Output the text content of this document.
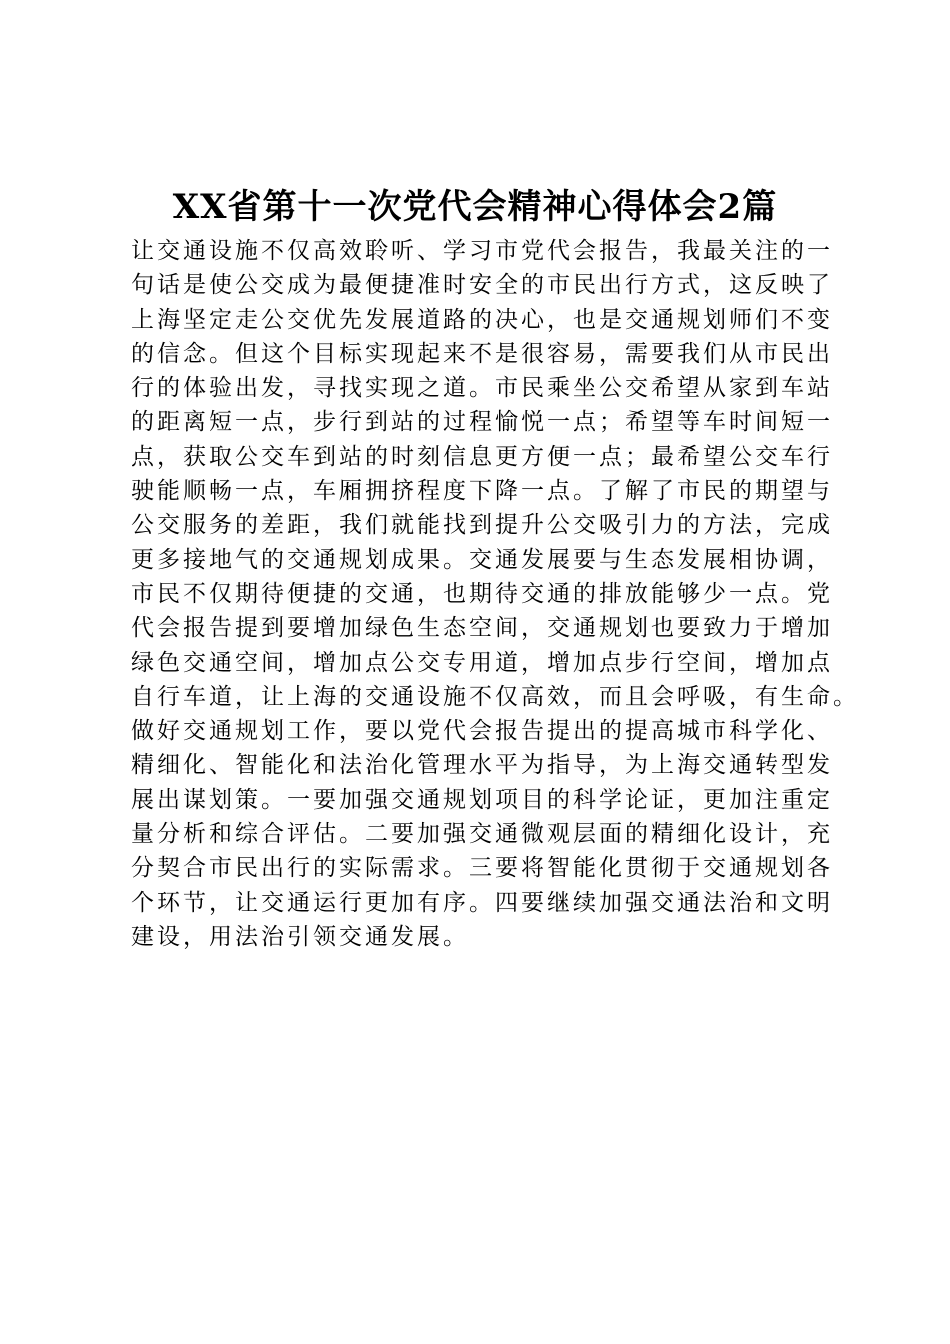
XX省第十一次党代会精神心得体会2篇
让交通设施不仅高效聆听、学习市党代会报告，我最关注的一
句话是使公交成为最便捷准时安全的市民出行方式，这反映了
上海坚定走公交优先发展道路的决心，也是交通规划师们不变
的信念。但这个目标实现起来不是很容易，需要我们从市民出
行的体验出发，寻找实现之道。市民乘坐公交希望从家到车站
的距离短一点，步行到站的过程愉悦一点；希望等车时间短一
点，获取公交车到站的时刻信息更方便一点；最希望公交车行
驶能顺畅一点，车厢拥挤程度下降一点。了解了市民的期望与
公交服务的差距，我们就能找到提升公交吸引力的方法，完成
更多接地气的交通规划成果。交通发展要与生态发展相协调，
市民不仅期待便捷的交通，也期待交通的排放能够少一点。党
代会报告提到要增加绿色生态空间，交通规划也要致力于增加
绿色交通空间，增加点公交专用道，增加点步行空间，增加点
自行车道，让上海的交通设施不仅高效，而且会呼吸，有生命。
做好交通规划工作，要以党代会报告提出的提高城市科学化、
精细化、智能化和法治化管理水平为指导，为上海交通转型发
展出谋划策。一要加强交通规划项目的科学论证，更加注重定
量分析和综合评估。二要加强交通微观层面的精细化设计，充
分契合市民出行的实际需求。三要将智能化贯彻于交通规划各
个环节，让交通运行更加有序。四要继续加强交通法治和文明
建设，用法治引领交通发展。
